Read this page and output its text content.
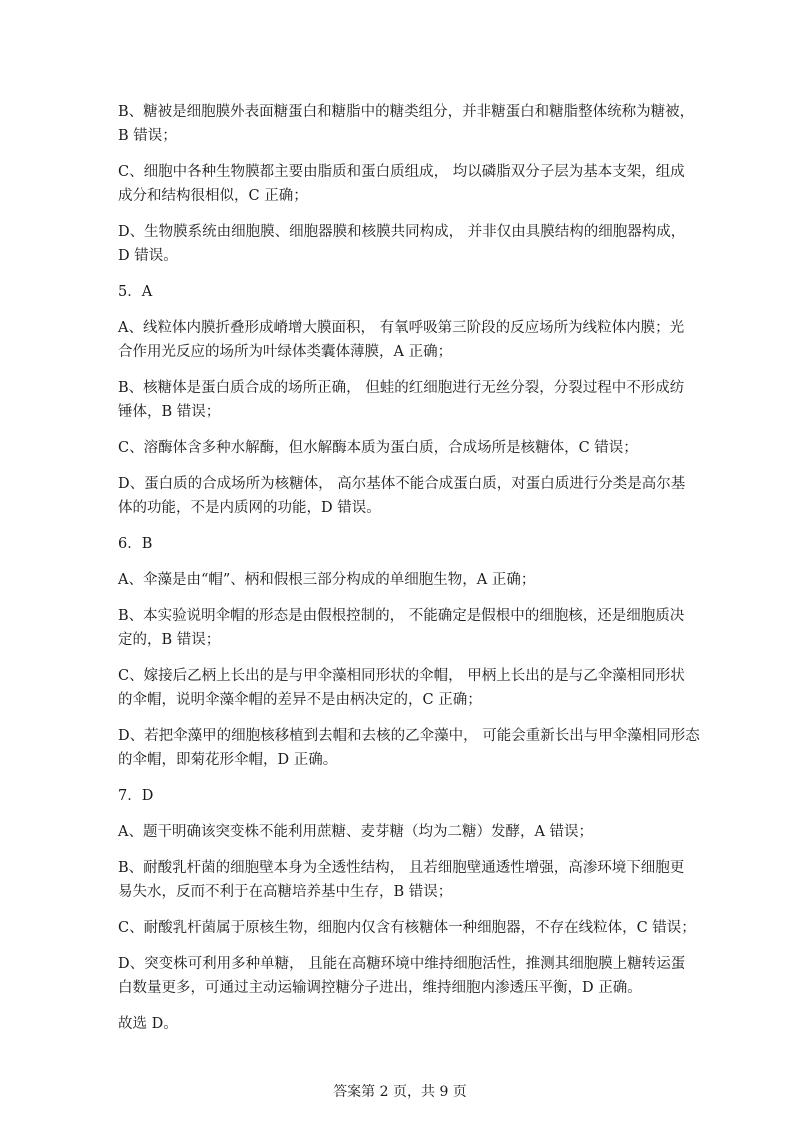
B、糖被是细胞膜外表面糖蛋白和糖脂中的糖类组分，并非糖蛋白和糖脂整体统称为糖被，
B 错误；
C、细胞中各种生物膜都主要由脂质和蛋白质组成， 均以磷脂双分子层为基本支架，组成
成分和结构很相似，C 正确；
D、生物膜系统由细胞膜、细胞器膜和核膜共同构成， 并非仅由具膜结构的细胞器构成，
D 错误。
5．A
A、线粒体内膜折叠形成嵴增大膜面积， 有氧呼吸第三阶段的反应场所为线粒体内膜；光
合作用光反应的场所为叶绿体类囊体薄膜，A 正确；
B、核糖体是蛋白质合成的场所正确， 但蛙的红细胞进行无丝分裂，分裂过程中不形成纺
锤体，B 错误；
C、溶酶体含多种水解酶，但水解酶本质为蛋白质，合成场所是核糖体，C 错误；
D、蛋白质的合成场所为核糖体， 高尔基体不能合成蛋白质，对蛋白质进行分类是高尔基
体的功能，不是内质网的功能，D 错误。
6．B
A、伞藻是由“帽”、柄和假根三部分构成的单细胞生物，A 正确；
B、本实验说明伞帽的形态是由假根控制的， 不能确定是假根中的细胞核，还是细胞质决
定的，B 错误；
C、嫁接后乙柄上长出的是与甲伞藻相同形状的伞帽， 甲柄上长出的是与乙伞藻相同形状
的伞帽，说明伞藻伞帽的差异不是由柄决定的，C 正确；
D、若把伞藻甲的细胞核移植到去帽和去核的乙伞藻中， 可能会重新长出与甲伞藻相同形态
的伞帽，即菊花形伞帽，D 正确。
7．D
A、题干明确该突变株不能利用蔗糖、麦芽糖（均为二糖）发酵，A 错误；
B、耐酸乳杆菌的细胞壁本身为全透性结构， 且若细胞壁通透性增强，高渗环境下细胞更
易失水，反而不利于在高糖培养基中生存，B 错误；
C、耐酸乳杆菌属于原核生物，细胞内仅含有核糖体一种细胞器，不存在线粒体，C 错误；
D、突变株可利用多种单糖， 且能在高糖环境中维持细胞活性，推测其细胞膜上糖转运蛋
白数量更多，可通过主动运输调控糖分子进出，维持细胞内渗透压平衡，D 正确。
故选 D。
答案第 2 页，共 9 页
